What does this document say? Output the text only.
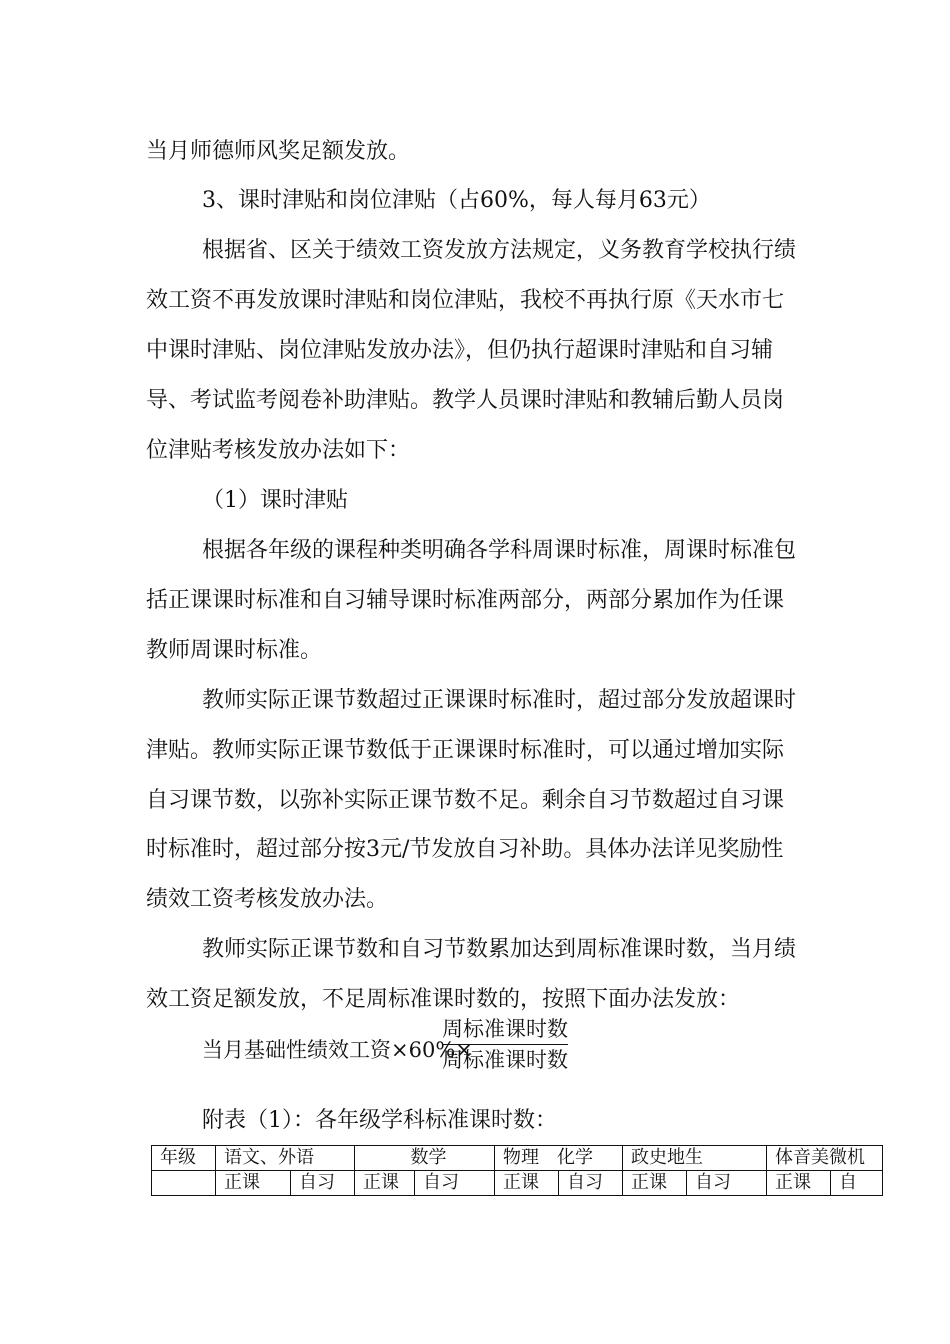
当月师德师风奖足额发放。
3、课时津贴和岗位津贴（占60%，每人每月63元）
根据省、区关于绩效工资发放方法规定，义务教育学校执行绩
效工资不再发放课时津贴和岗位津贴，我校不再执行原《天水市七
中课时津贴、岗位津贴发放办法》，但仍执行超课时津贴和自习辅
导、考试监考阅卷补助津贴。教学人员课时津贴和教辅后勤人员岗
位津贴考核发放办法如下：
（1）课时津贴
根据各年级的课程种类明确各学科周课时标准，周课时标准包
括正课课时标准和自习辅导课时标准两部分，两部分累加作为任课
教师周课时标准。
教师实际正课节数超过正课课时标准时，超过部分发放超课时
津贴。教师实际正课节数低于正课课时标准时，可以通过增加实际
自习课节数，以弥补实际正课节数不足。剩余自习节数超过自习课
时标准时，超过部分按3元/节发放自习补助。具体办法详见奖励性
绩效工资考核发放办法。
教师实际正课节数和自习节数累加达到周标准课时数，当月绩
效工资足额发放，不足周标准课时数的，按照下面办法发放：
当月基础性绩效工资×60%×
周标准课时数
周标准课时数
附表（1）：各年级学科标准课时数：
年级	语文、外语		数学		物理　化学		政史地生		体音美微机	
	正课	自习	正课	自习	正课	自习	正课	自习	正课	自
